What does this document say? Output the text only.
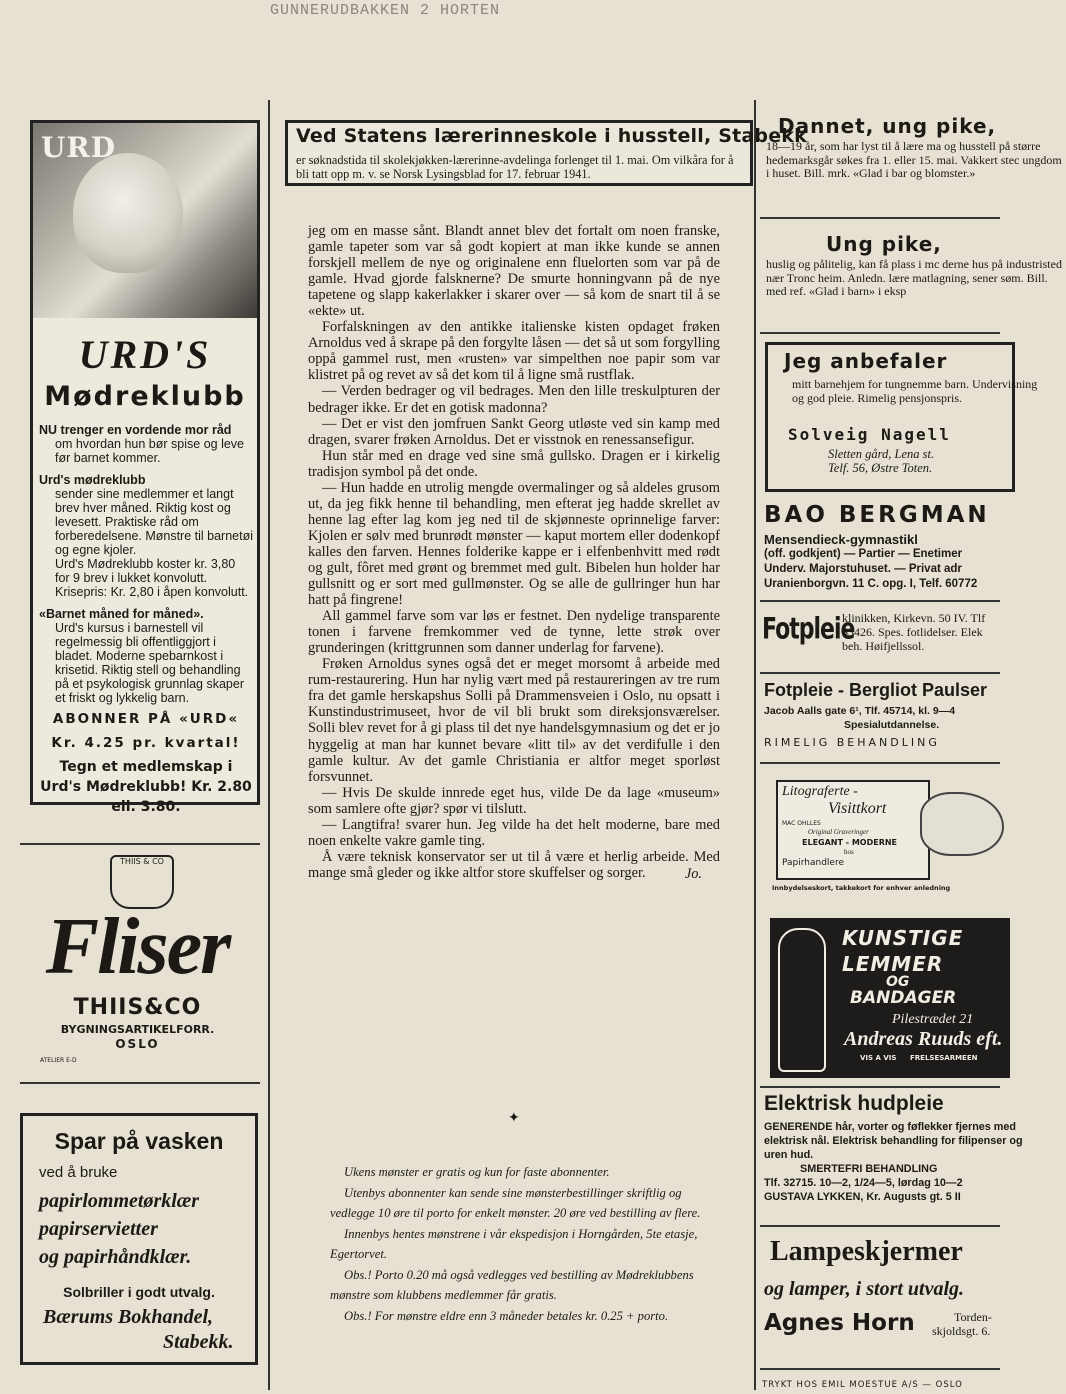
GUNNERUDBAKKEN 2 HORTEN
URD
URD'S
Mødreklubb
NU trenger en vordende mor råd
om hvordan hun bør spise og leve før barnet kommer.
Urd's mødreklubb
sender sine medlemmer et langt brev hver måned. Riktig kost og levesett. Praktiske råd om forberedelsene. Mønstre til barnetøi og egne kjoler.
Urd's Mødreklubb koster kr. 3,80 for 9 brev i lukket konvolutt.
Krisepris: Kr. 2,80 i åpen konvolutt.
«Barnet måned for måned».
Urd's kursus i barnestell vil regelmessig bli offentliggjort i bladet. Moderne spebarnkost i krisetid. Riktig stell og behandling på et psykologisk grunnlag skaper et friskt og lykkelig barn.
ABONNER PÅ «URD«
Kr. 4.25 pr. kvartal!
Tegn et medlemskap i Urd's Mødreklubb! Kr. 2.80 ell. 3.80.
THIIS & CO
Fliser
THIIS&CO
BYGNINGSARTIKELFORR.
OSLO
ATELIER E-D
Spar på vasken
ved å bruke
papirlommetørklær
papirservietter
og papirhåndklær.
Solbriller i godt utvalg.
Bærums Bokhandel,
Stabekk.
Ved Statens lærerinneskole i husstell, Stabekk
er søknadstida til skolekjøkken-lærerinne-avdelinga forlenget til 1. mai. Om vilkåra for å bli tatt opp m. v. se Norsk Lysingsblad for 17. februar 1941.

jeg om en masse sånt. Blandt annet blev det fortalt om noen franske, gamle tapeter som var så godt kopiert at man ikke kunde se annen forskjell mellem de nye og originalene enn fluelorten som var på de gamle. Hvad gjorde falsknerne? De smurte honningvann på de nye tapetene og slapp kakerlakker i skarer over — så kom de snart til å se «ekte» ut.

Forfalskningen av den antikke italienske kisten opdaget frøken Arnoldus ved å skrape på den forgylte låsen — det så ut som forgylling oppå gammel rust, men «rusten» var simpelthen noe papir som var klistret på og revet av så det kom til å ligne små rustflak.

— Verden bedrager og vil bedrages. Men den lille treskulpturen der bedrager ikke. Er det en gotisk madonna?

— Det er vist den jomfruen Sankt Georg utløste ved sin kamp med dragen, svarer frøken Arnoldus. Det er visstnok en renessansefigur.

Hun står med en drage ved sine små gullsko. Dragen er i kirkelig tradisjon symbol på det onde.

— Hun hadde en utrolig mengde overmalinger og så aldeles grusom ut, da jeg fikk henne til behandling, men efterat jeg hadde skrellet av henne lag efter lag kom jeg ned til de skjønneste oprinnelige farver: Kjolen er sølv med brunrødt mønster — kaput mortem eller dodenkopf kalles den farven. Hennes folderike kappe er i elfenbenhvitt med rødt og gult, fôret med grønt og bremmet med gult. Bibelen hun holder har gullsnitt og er sort med gullmønster. Og se alle de gullringer hun har hatt på fingrene!

All gammel farve som var løs er festnet. Den nydelige transparente tonen i farvene fremkommer ved de tynne, lette strøk over grunderingen (krittgrunnen som danner underlag for farvene).

Frøken Arnoldus synes også det er meget morsomt å arbeide med rum-restaurering. Hun har nylig vært med på restaureringen av tre rum fra det gamle herskapshus Solli på Drammensveien i Oslo, nu opsatt i Kunstindustrimuseet, hvor de vil bli brukt som direksjonsværelser. Solli blev revet for å gi plass til det nye handelsgymnasium og det er jo hyggelig at man har kunnet bevare «litt til» av det verdifulle i den gamle kultur. Av det gamle Christiania er altfor meget sporløst forsvunnet.

— Hvis De skulde innrede eget hus, vilde De da lage «museum» som samlere ofte gjør? spør vi tilslutt.

— Langtifra! svarer hun. Jeg vilde ha det helt moderne, bare med noen enkelte vakre gamle ting.

Å være teknisk konservator ser ut til å være et herlig arbeide. Med mange små gleder og ikke altfor store skuffelser og sorger.	Jo.

✦

Ukens mønster er gratis og kun for faste abonnenter.

Utenbys abonnenter kan sende sine mønsterbestillinger skriftlig og vedlegge 10 øre til porto for enkelt mønster. 20 øre ved bestilling av flere.

Innenbys hentes mønstrene i vår ekspedisjon i Horngården, 5te etasje, Egertorvet.

Obs.! Porto 0.20 må også vedlegges ved bestilling av Mødreklubbens mønstre som klubbens medlemmer får gratis.

Obs.! For mønstre eldre enn 3 måneder betales kr. 0.25 + porto.

Dannet, ung pike,
18—19 år, som har lyst til å lære ma og husstell på større hedemarksgår søkes fra 1. eller 15. mai. Vakkert stec ungdom i huset. Bill. mrk. «Glad i bar og blomster.»
Ung pike,
huslig og pålitelig, kan få plass i mc derne hus på industristed nær Tronc heim. Anledn. lære matlagning, sener søm. Bill. med ref. «Glad i barn» i eksp
Jeg anbefaler
mitt barnehjem for tungnemme barn. Undervisning og god pleie. Rimelig pensjonspris.
Solveig Nagell
Sletten gård, Lena st.
Telf. 56, Østre Toten.
BAO BERGMAN
Mensendieck-gymnastikl
(off. godkjent) — Partier — Enetimer
Underv. Majorstuhuset. — Privat adr
Uranienborgvn. 11 C. opg. I, Telf. 60772
Fotpleie
klinikken, Kirkevn. 50 IV. Tlf
63426. Spes. fotlidelser. Elek
beh. Høifjellssol.
Fotpleie - Bergliot Paulser
Jacob Aalls gate 6¹, Tlf. 45714, kl. 9—4
Spesialutdannelse.
RIMELIG BEHANDLING
Litograferte -
Visittkort
MAC OHLLES
Original Graveringer
ELEGANT - MODERNE
hos
Papirhandlere
Innbydelseskort, takkekort for enhver anledning
KUNSTIGE
LEMMER
OG
BANDAGER
Pilestrædet 21
Andreas Ruuds eft.
VIS A VIS FRELSESARMEEN
Elektrisk hudpleie
GENERENDE hår, vorter og føflekker fjernes med elektrisk nål. Elektrisk behandling for filipenser og uren hud.
SMERTEFRI BEHANDLING
Tlf. 32715. 10—2, 1/24—5, lørdag 10—2
GUSTAVA LYKKEN, Kr. Augusts gt. 5 II
Lampeskjermer
og lamper, i stort utvalg.
Agnes Horn	Torden-
skjoldsgt. 6.
TRYKT HOS EMIL MOESTUE A/S — OSLO
